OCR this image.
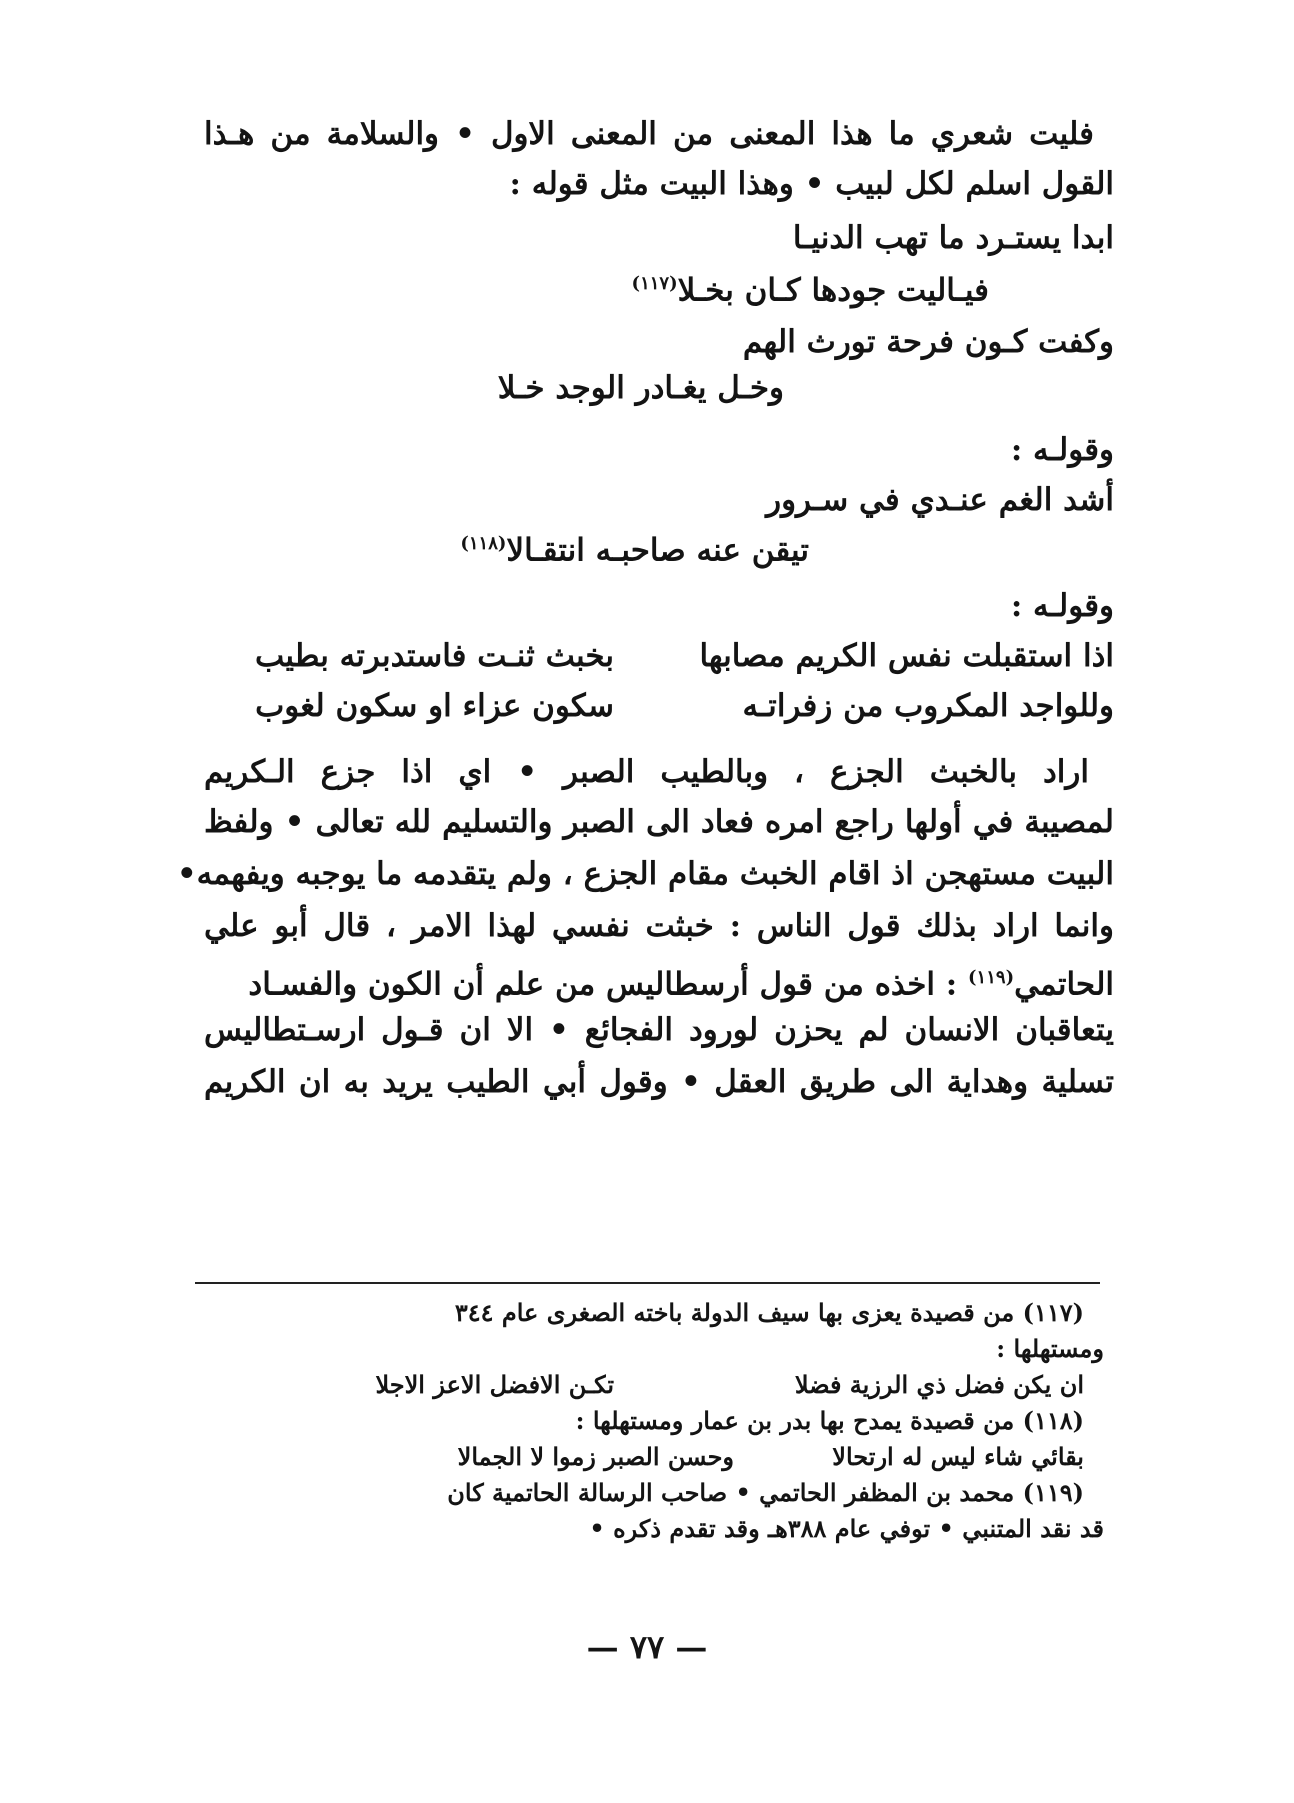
فليت شعري ما هذا المعنى من المعنى الاول • والسلامة من هـذا
القول اسلم لكل لبيب • وهذا البيت مثل قوله :
ابدا يستـرد ما تهب الدنيـا
فيـاليت جودها كـان بخـلا$^{(١١٧)}$
وكفت كـون فرحة تورث الهم
وخـل يغـادر الوجد خـلا
وقولـه :
أشد الغم عنـدي في سـرور
تيقن عنه صاحبـه انتقـالا$^{(١١٨)}$
وقولـه :
اذا استقبلت نفس الكريم مصابها
بخبث ثنـت فاستدبرته بطيب
وللواجد المكروب من زفراتـه
سكون عزاء او سكون لغوب
اراد بالخبث الجزع ، وبالطيب الصبر • اي اذا جزع الـكريم
لمصيبة في أولها راجع امره فعاد الى الصبر والتسليم لله تعالى • ولفظ
البيت مستهجن اذ اقام الخبث مقام الجزع ، ولم يتقدمه ما يوجبه ويفهمه•
وانما اراد بذلك قول الناس : خبثت نفسي لهذا الامر ، قال أبو علي
الحاتمي$^{(١١٩)}$ : اخذه من قول أرسطاليس من علم أن الكون والفسـاد
يتعاقبان الانسان لم يحزن لورود الفجائع • الا ان قـول ارسـتطاليس
تسلية وهداية الى طريق العقل • وقول أبي الطيب يريد به ان الكريم
(١١٧) من قصيدة يعزى بها سيف الدولة باخته الصغرى عام ٣٤٤
ومستهلها :
ان يكن فضل ذي الرزية فضلا
تكـن الافضل الاعز الاجلا
(١١٨) من قصيدة يمدح بها بدر بن عمار ومستهلها :
بقائي شاء ليس له ارتحالا
وحسن الصبر زموا لا الجمالا
(١١٩) محمد بن المظفر الحاتمي • صاحب الرسالة الحاتمية كان
قد نقد المتنبي • توفي عام ٣٨٨هـ وقد تقدم ذكره •
— ٧٧ —
